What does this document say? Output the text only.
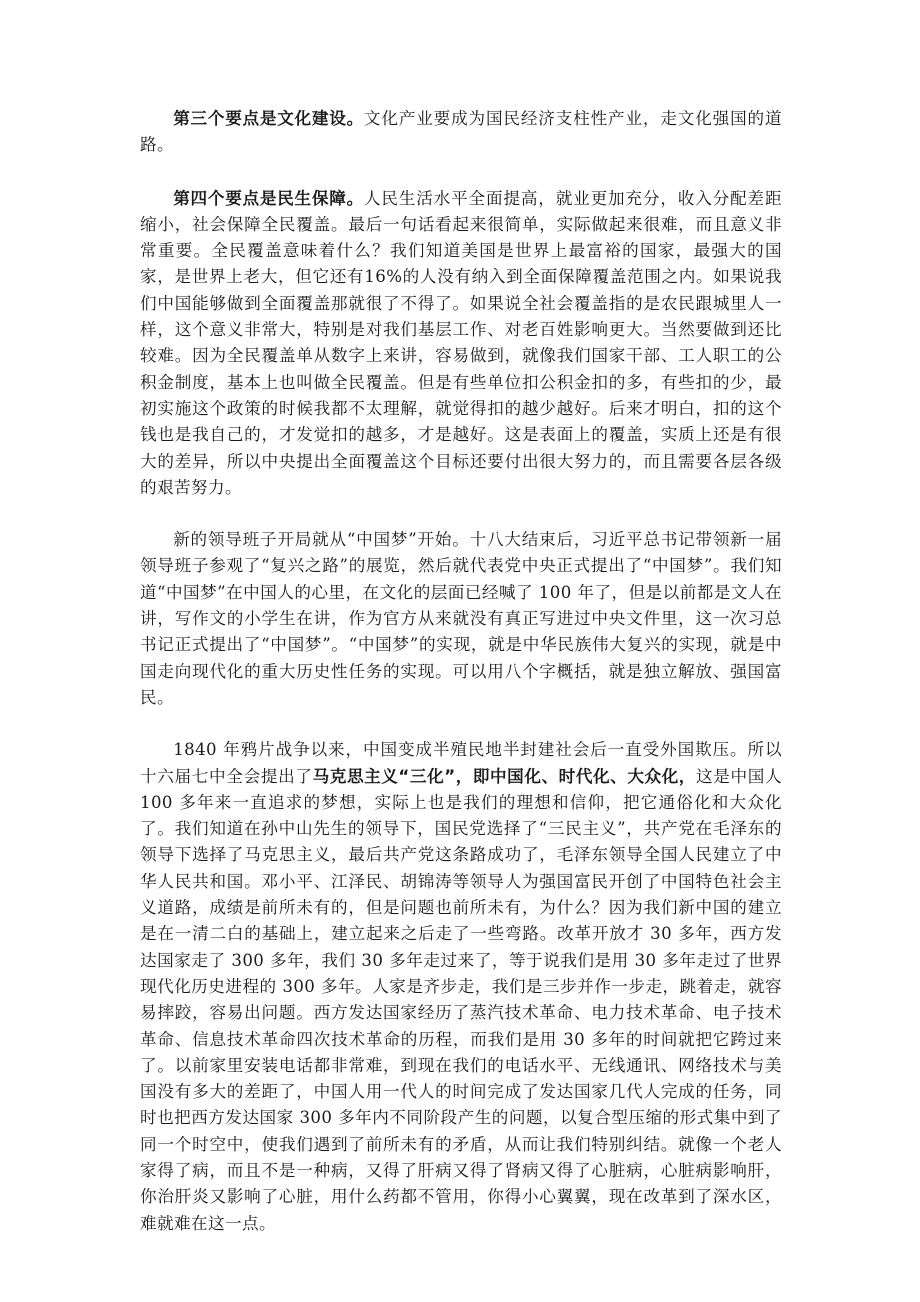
第三个要点是文化建设。文化产业要成为国民经济支柱性产业，走文化强国的道路。

第四个要点是民生保障。人民生活水平全面提高，就业更加充分，收入分配差距缩小，社会保障全民覆盖。最后一句话看起来很简单，实际做起来很难，而且意义非常重要。全民覆盖意味着什么？我们知道美国是世界上最富裕的国家，最强大的国家，是世界上老大，但它还有16%的人没有纳入到全面保障覆盖范围之内。如果说我们中国能够做到全面覆盖那就很了不得了。如果说全社会覆盖指的是农民跟城里人一样，这个意义非常大，特别是对我们基层工作、对老百姓影响更大。当然要做到还比较难。因为全民覆盖单从数字上来讲，容易做到，就像我们国家干部、工人职工的公积金制度，基本上也叫做全民覆盖。但是有些单位扣公积金扣的多，有些扣的少，最初实施这个政策的时候我都不太理解，就觉得扣的越少越好。后来才明白，扣的这个钱也是我自己的，才发觉扣的越多，才是越好。这是表面上的覆盖，实质上还是有很大的差异，所以中央提出全面覆盖这个目标还要付出很大努力的，而且需要各层各级的艰苦努力。

新的领导班子开局就从“中国梦”开始。十八大结束后，习近平总书记带领新一届领导班子参观了“复兴之路”的展览，然后就代表党中央正式提出了“中国梦”。我们知道“中国梦”在中国人的心里，在文化的层面已经喊了 100 年了，但是以前都是文人在讲，写作文的小学生在讲，作为官方从来就没有真正写进过中央文件里，这一次习总书记正式提出了“中国梦”。“中国梦”的实现，就是中华民族伟大复兴的实现，就是中国走向现代化的重大历史性任务的实现。可以用八个字概括，就是独立解放、强国富民。

1840 年鸦片战争以来，中国变成半殖民地半封建社会后一直受外国欺压。所以十六届七中全会提出了马克思主义“三化”，即中国化、时代化、大众化，这是中国人 100 多年来一直追求的梦想，实际上也是我们的理想和信仰，把它通俗化和大众化了。我们知道在孙中山先生的领导下，国民党选择了“三民主义”，共产党在毛泽东的领导下选择了马克思主义，最后共产党这条路成功了，毛泽东领导全国人民建立了中华人民共和国。邓小平、江泽民、胡锦涛等领导人为强国富民开创了中国特色社会主义道路，成绩是前所未有的，但是问题也前所未有，为什么？因为我们新中国的建立是在一清二白的基础上，建立起来之后走了一些弯路。改革开放才 30 多年，西方发达国家走了 300 多年，我们 30 多年走过来了，等于说我们是用 30 多年走过了世界现代化历史进程的 300 多年。人家是齐步走，我们是三步并作一步走，跳着走，就容易摔跤，容易出问题。西方发达国家经历了蒸汽技术革命、电力技术革命、电子技术革命、信息技术革命四次技术革命的历程，而我们是用 30 多年的时间就把它跨过来了。以前家里安装电话都非常难，到现在我们的电话水平、无线通讯、网络技术与美国没有多大的差距了，中国人用一代人的时间完成了发达国家几代人完成的任务，同时也把西方发达国家 300 多年内不同阶段产生的问题，以复合型压缩的形式集中到了同一个时空中，使我们遇到了前所未有的矛盾，从而让我们特别纠结。就像一个老人家得了病，而且不是一种病，又得了肝病又得了肾病又得了心脏病，心脏病影响肝，你治肝炎又影响了心脏，用什么药都不管用，你得小心翼翼，现在改革到了深水区，难就难在这一点。
